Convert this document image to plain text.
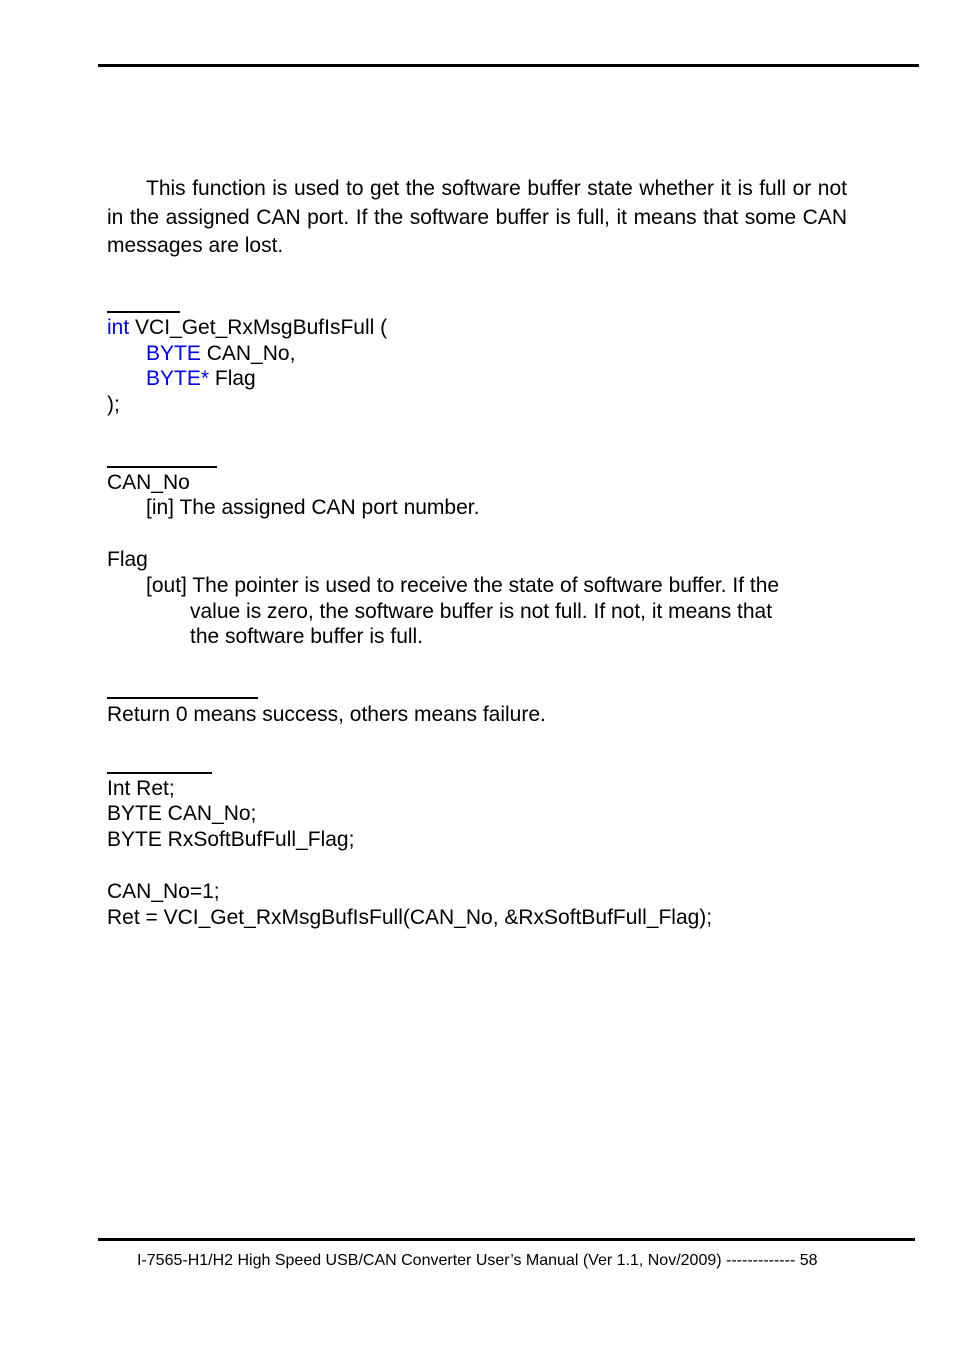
This function is used to get the software buffer state whether it is full or not in the assigned CAN port. If the software buffer is full, it means that some CAN messages are lost.

int VCI_Get_RxMsgBufIsFull (
BYTE CAN_No,
BYTE* Flag
);
CAN_No
[in] The assigned CAN port number.
Flag
[out] The pointer is used to receive the state of software buffer. If the
value is zero, the software buffer is not full. If not, it means that
the software buffer is full.
Return 0 means success, others means failure.
Int Ret;
BYTE CAN_No;
BYTE RxSoftBufFull_Flag;
CAN_No=1;
Ret = VCI_Get_RxMsgBufIsFull(CAN_No, &RxSoftBufFull_Flag);
I-7565-H1/H2 High Speed USB/CAN Converter User’s Manual (Ver 1.1, Nov/2009) ------------- 58
